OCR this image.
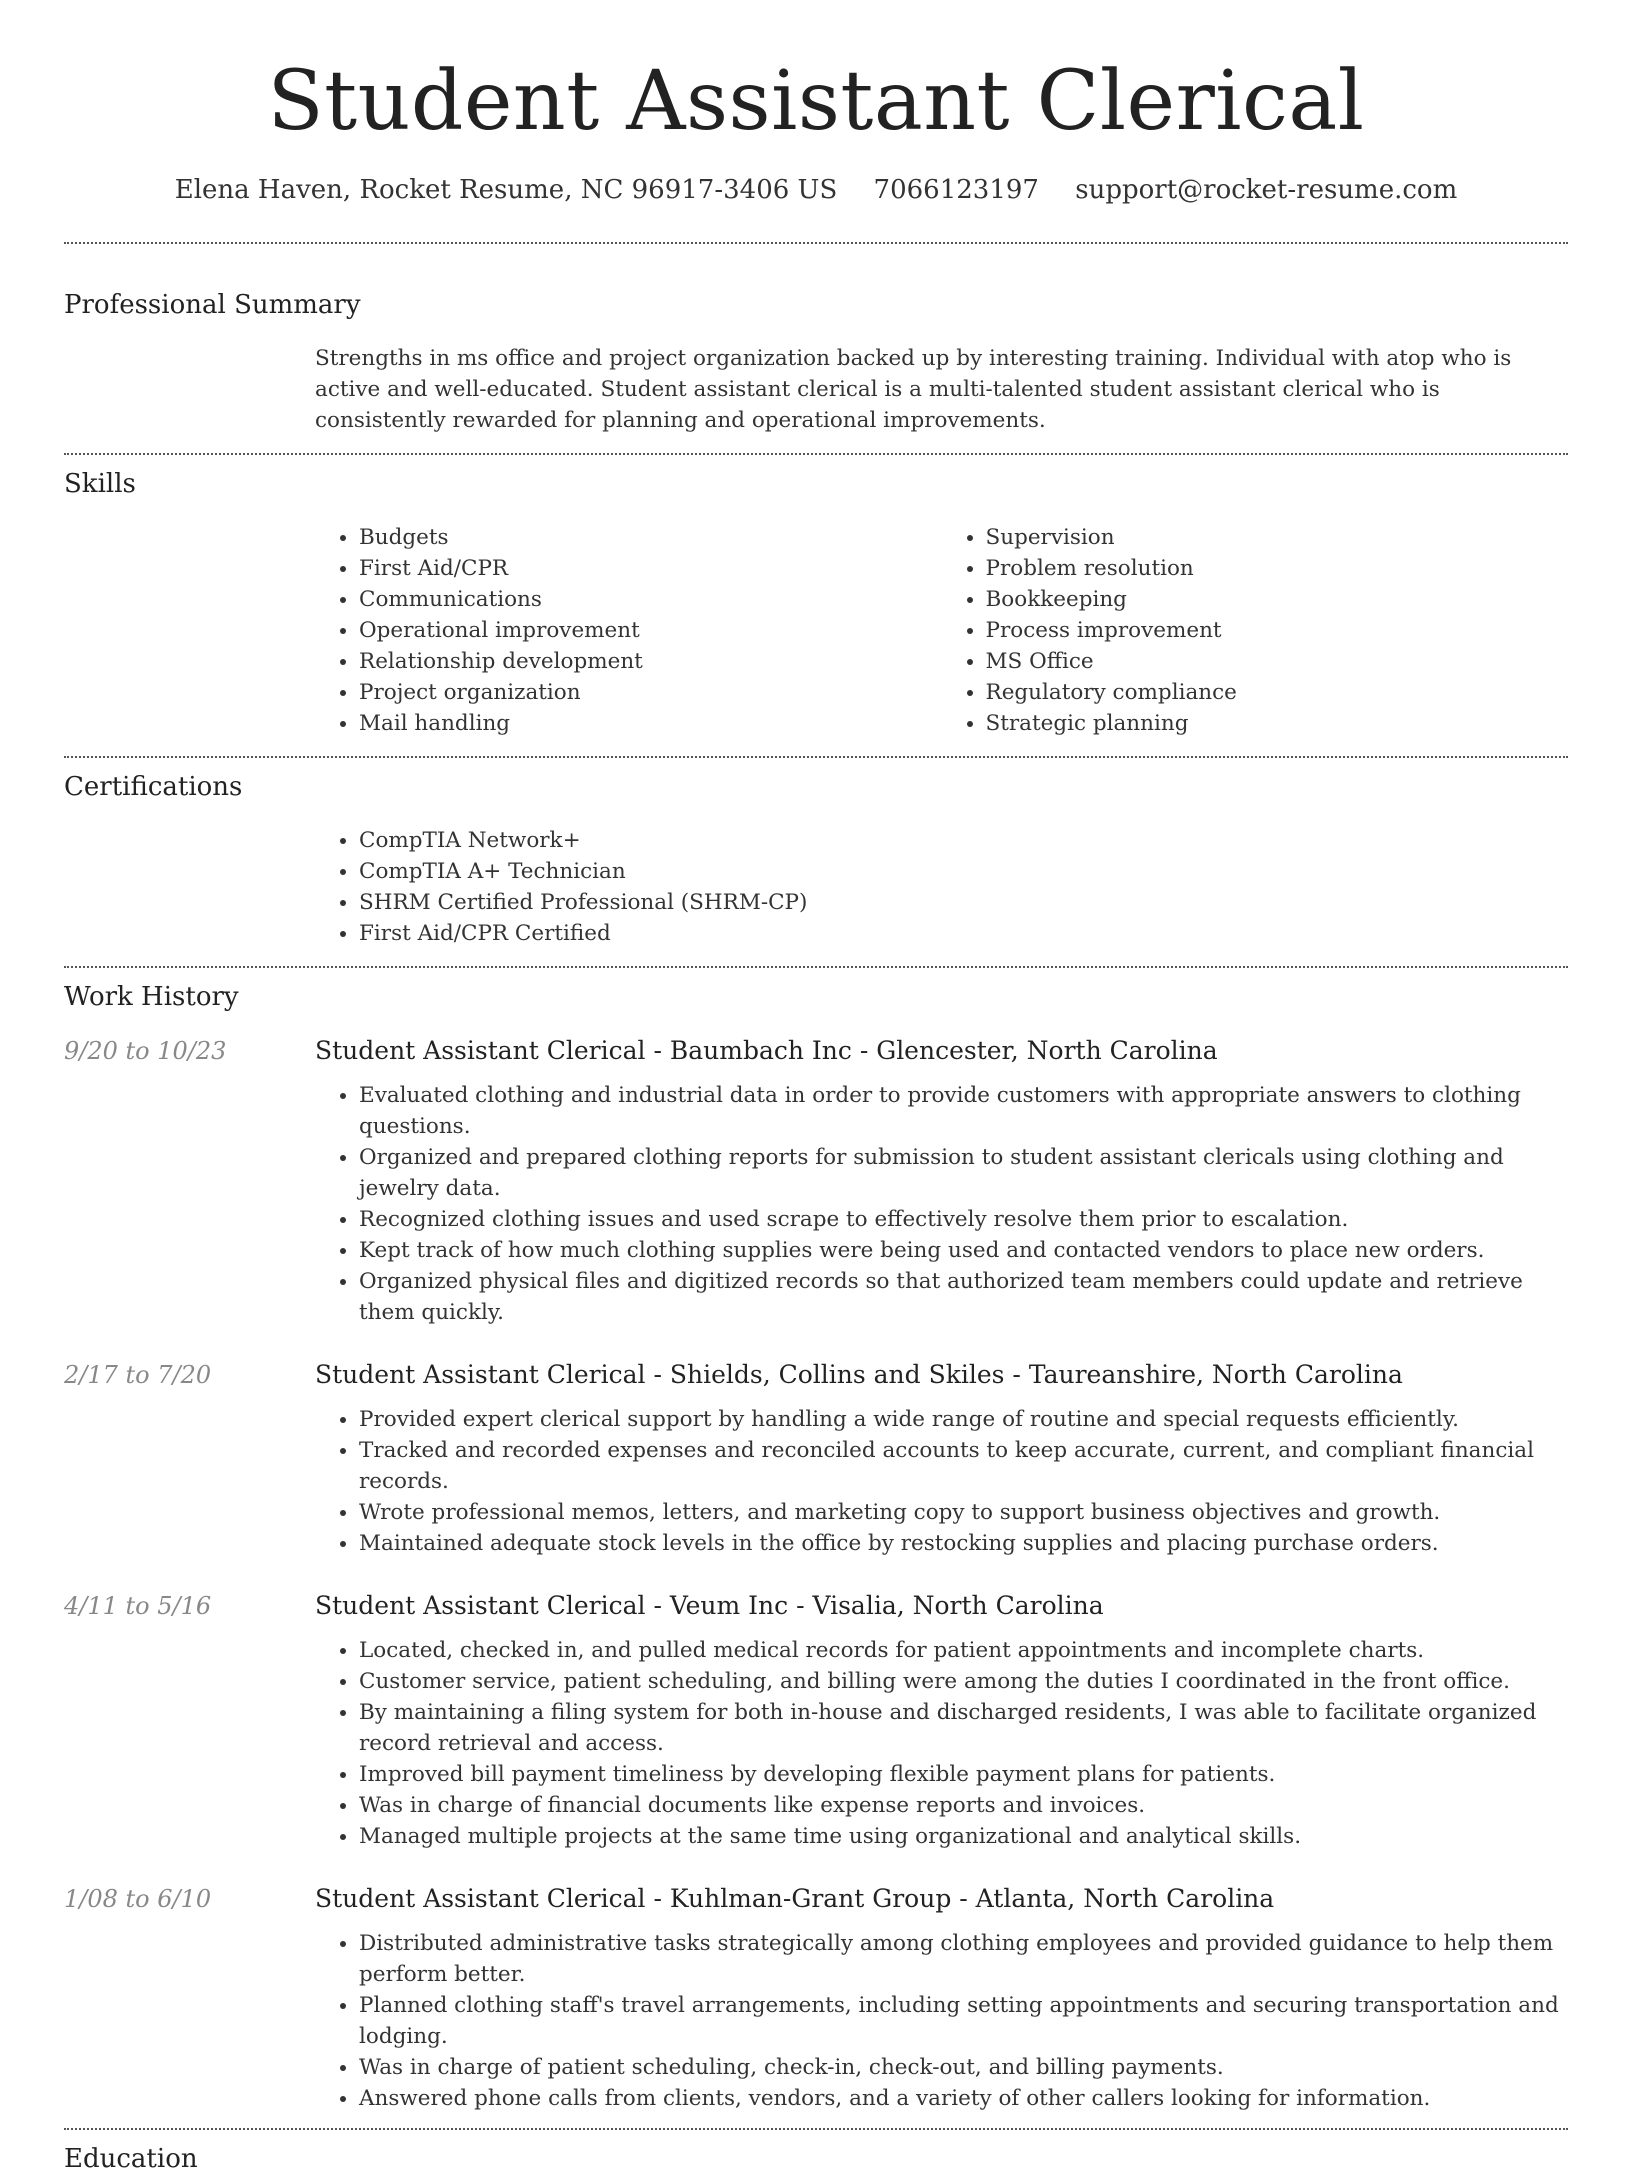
Student Assistant Clerical
Elena Haven, Rocket Resume, NC 96917-3406 US 7066123197 support@rocket-resume.com
Professional Summary
Strengths in ms office and project organization backed up by interesting training. Individual with atop who is active and well-educated. Student assistant clerical is a multi-talented student assistant clerical who is consistently rewarded for planning and operational improvements.
Skills
• Budgets
• First Aid/CPR
• Communications
• Operational improvement
• Relationship development
• Project organization
• Mail handling
• Supervision
• Problem resolution
• Bookkeeping
• Process improvement
• MS Office
• Regulatory compliance
• Strategic planning
Certifications
• CompTIA Network+
• CompTIA A+ Technician
• SHRM Certified Professional (SHRM-CP)
• First Aid/CPR Certified
Work History
9/20 to 10/23	Student Assistant Clerical - Baumbach Inc - Glencester, North Carolina
• Evaluated clothing and industrial data in order to provide customers with appropriate answers to clothing questions.
• Organized and prepared clothing reports for submission to student assistant clericals using clothing and jewelry data.
• Recognized clothing issues and used scrape to effectively resolve them prior to escalation.
• Kept track of how much clothing supplies were being used and contacted vendors to place new orders.
• Organized physical files and digitized records so that authorized team members could update and retrieve them quickly.
2/17 to 7/20	Student Assistant Clerical - Shields, Collins and Skiles - Taureanshire, North Carolina
• Provided expert clerical support by handling a wide range of routine and special requests efficiently.
• Tracked and recorded expenses and reconciled accounts to keep accurate, current, and compliant financial records.
• Wrote professional memos, letters, and marketing copy to support business objectives and growth.
• Maintained adequate stock levels in the office by restocking supplies and placing purchase orders.
4/11 to 5/16	Student Assistant Clerical - Veum Inc - Visalia, North Carolina
• Located, checked in, and pulled medical records for patient appointments and incomplete charts.
• Customer service, patient scheduling, and billing were among the duties I coordinated in the front office.
• By maintaining a filing system for both in-house and discharged residents, I was able to facilitate organized record retrieval and access.
• Improved bill payment timeliness by developing flexible payment plans for patients.
• Was in charge of financial documents like expense reports and invoices.
• Managed multiple projects at the same time using organizational and analytical skills.
1/08 to 6/10	Student Assistant Clerical - Kuhlman-Grant Group - Atlanta, North Carolina
• Distributed administrative tasks strategically among clothing employees and provided guidance to help them perform better.
• Planned clothing staff's travel arrangements, including setting appointments and securing transportation and lodging.
• Was in charge of patient scheduling, check-in, check-out, and billing payments.
• Answered phone calls from clients, vendors, and a variety of other callers looking for information.
Education
